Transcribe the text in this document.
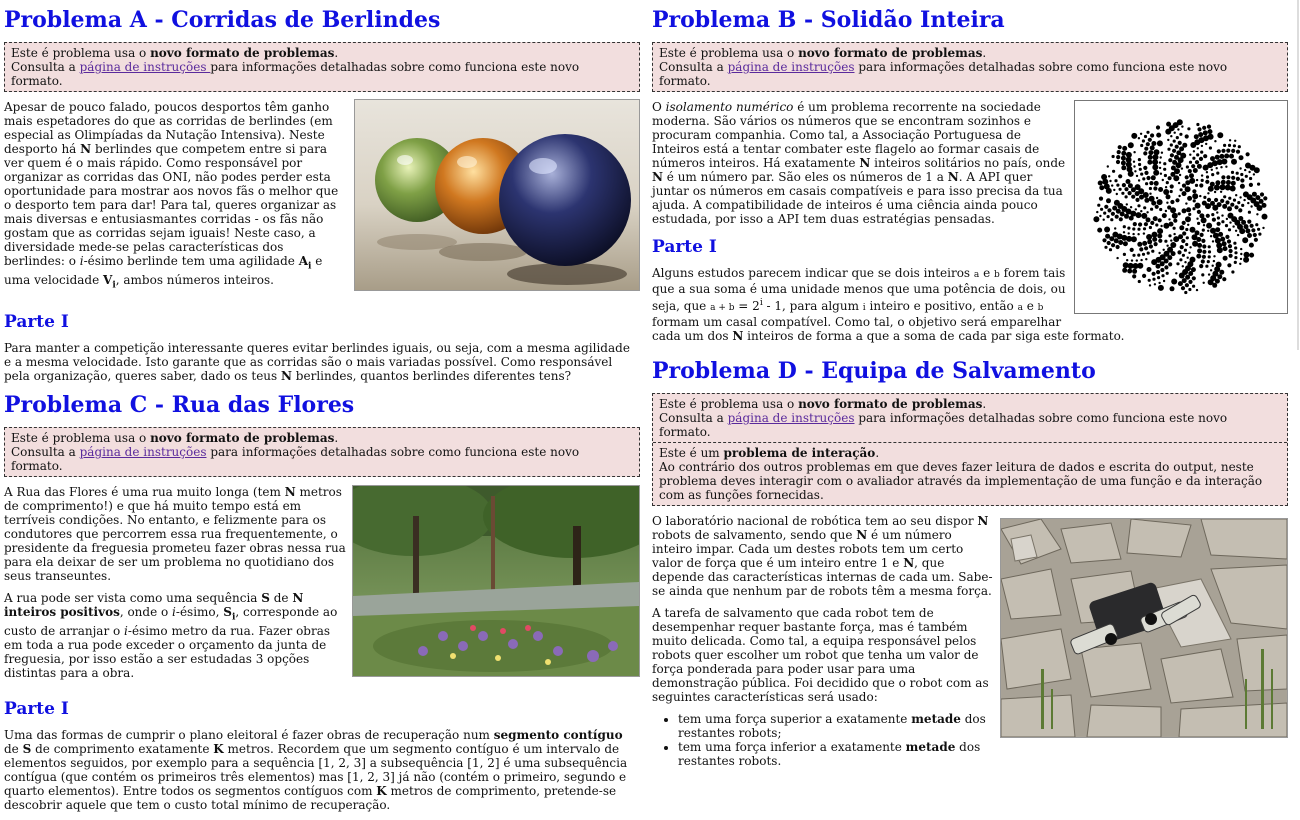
Problema A - Corridas de Berlindes
Este é problema usa o novo formato de problemas.
Consulta a página de instruções para informações detalhadas sobre como funciona este novo formato.

Apesar de pouco falado, poucos desportos têm ganho mais espetadores do que as corridas de berlindes (em especial as Olimpíadas da Nutação Intensiva). Neste desporto há N berlindes que competem entre si para ver quem é o mais rápido. Como responsável por organizar as corridas das ONI, não podes perder esta oportunidade para mostrar aos novos fãs o melhor que o desporto tem para dar! Para tal, queres organizar as mais diversas e entusiasmantes corridas - os fãs não gostam que as corridas sejam iguais! Neste caso, a diversidade mede-se pelas características dos berlindes: o i-ésimo berlinde tem uma agilidade $A_i$ e uma velocidade $V_i$, ambos números inteiros.

Parte I

Para manter a competição interessante queres evitar berlindes iguais, ou seja, com a mesma agilidade e a mesma velocidade. Isto garante que as corridas são o mais variadas possível. Como responsável pela organização, queres saber, dado os teus N berlindes, quantos berlindes diferentes tens?

Problema C - Rua das Flores
Este é problema usa o novo formato de problemas.
Consulta a página de instruções para informações detalhadas sobre como funciona este novo formato.

A Rua das Flores é uma rua muito longa (tem N metros de comprimento!) e que há muito tempo está em terríveis condições. No entanto, e felizmente para os condutores que percorrem essa rua frequentemente, o presidente da freguesia prometeu fazer obras nessa rua para ela deixar de ser um problema no quotidiano dos seus transeuntes.

A rua pode ser vista como uma sequência S de N inteiros positivos, onde o i-ésimo, $S_i$, corresponde ao custo de arranjar o i-ésimo metro da rua. Fazer obras em toda a rua pode exceder o orçamento da junta de freguesia, por isso estão a ser estudadas 3 opções distintas para a obra.

Parte I

Uma das formas de cumprir o plano eleitoral é fazer obras de recuperação num segmento contíguo de S de comprimento exatamente K metros. Recordem que um segmento contíguo é um intervalo de elementos seguidos, por exemplo para a sequência [1, 2, 3] a subsequência [1, 2] é uma subsequência contígua (que contém os primeiros três elementos) mas [1, 2, 3] já não (contém o primeiro, segundo e quarto elementos). Entre todos os segmentos contíguos com K metros de comprimento, pretende-se descobrir aquele que tem o custo total mínimo de recuperação.

Problema B - Solidão Inteira
Este é problema usa o novo formato de problemas.
Consulta a página de instruções para informações detalhadas sobre como funciona este novo formato.

O isolamento numérico é um problema recorrente na sociedade moderna. São vários os números que se encontram sozinhos e procuram companhia. Como tal, a Associação Portuguesa de Inteiros está a tentar combater este flagelo ao formar casais de números inteiros. Há exatamente N inteiros solitários no país, onde N é um número par. São eles os números de 1 a N. A API quer juntar os números em casais compatíveis e para isso precisa da tua ajuda. A compatibilidade de inteiros é uma ciência ainda pouco estudada, por isso a API tem duas estratégias pensadas.

Parte I

Alguns estudos parecem indicar que se dois inteiros a e b forem tais que a sua soma é uma unidade menos que uma potência de dois, ou seja, que $a + b = 2^i - 1$, para algum i inteiro e positivo, então a e b formam um casal compatível. Como tal, o objetivo será emparelhar cada um dos N inteiros de forma a que a soma de cada par siga este formato.

Problema D - Equipa de Salvamento
Este é problema usa o novo formato de problemas.
Consulta a página de instruções para informações detalhadas sobre como funciona este novo formato.
Este é um problema de interação.
Ao contrário dos outros problemas em que deves fazer leitura de dados e escrita do output, neste problema deves interagir com o avaliador através da implementação de uma função e da interação com as funções fornecidas.

O laboratório nacional de robótica tem ao seu dispor N robots de salvamento, sendo que N é um número inteiro impar. Cada um destes robots tem um certo valor de força que é um inteiro entre 1 e N, que depende das características internas de cada um. Sabe-se ainda que nenhum par de robots têm a mesma força.

A tarefa de salvamento que cada robot tem de desempenhar requer bastante força, mas é também muito delicada. Como tal, a equipa responsável pelos robots quer escolher um robot que tenha um valor de força ponderada para poder usar para uma demonstração pública. Foi decidido que o robot com as seguintes características será usado:

• tem uma força superior a exatamente metade dos restantes robots;
• tem uma força inferior a exatamente metade dos restantes robots.
